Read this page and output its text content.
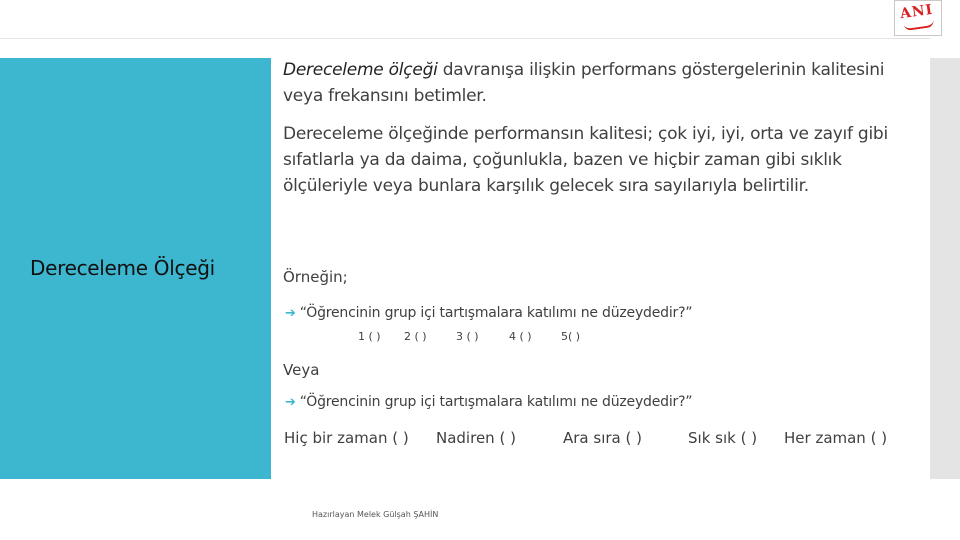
ANI
Dereceleme Ölçeği
Dereceleme ölçeği davranışa ilişkin performans göstergelerinin kalitesini veya frekansını betimler.
Dereceleme ölçeğinde performansın kalitesi; çok iyi, iyi, orta ve zayıf gibi sıfatlarla ya da daima, çoğunlukla, bazen ve hiçbir zaman gibi sıklık ölçüleriyle veya bunlara karşılık gelecek sıra sayılarıyla belirtilir.
Örneğin;
➔ “Öğrencinin grup içi tartışmalara katılımı ne düzeydedir?”
1 ( ) 2 ( )	3 ( )	4 ( )	5( )
Veya
➔ “Öğrencinin grup içi tartışmalara katılımı ne düzeydedir?”
Hiç bir zaman ( ) Nadiren ( )	Ara sıra ( )	Sık sık ( ) Her zaman ( )
Hazırlayan Melek Gülşah ŞAHİN
